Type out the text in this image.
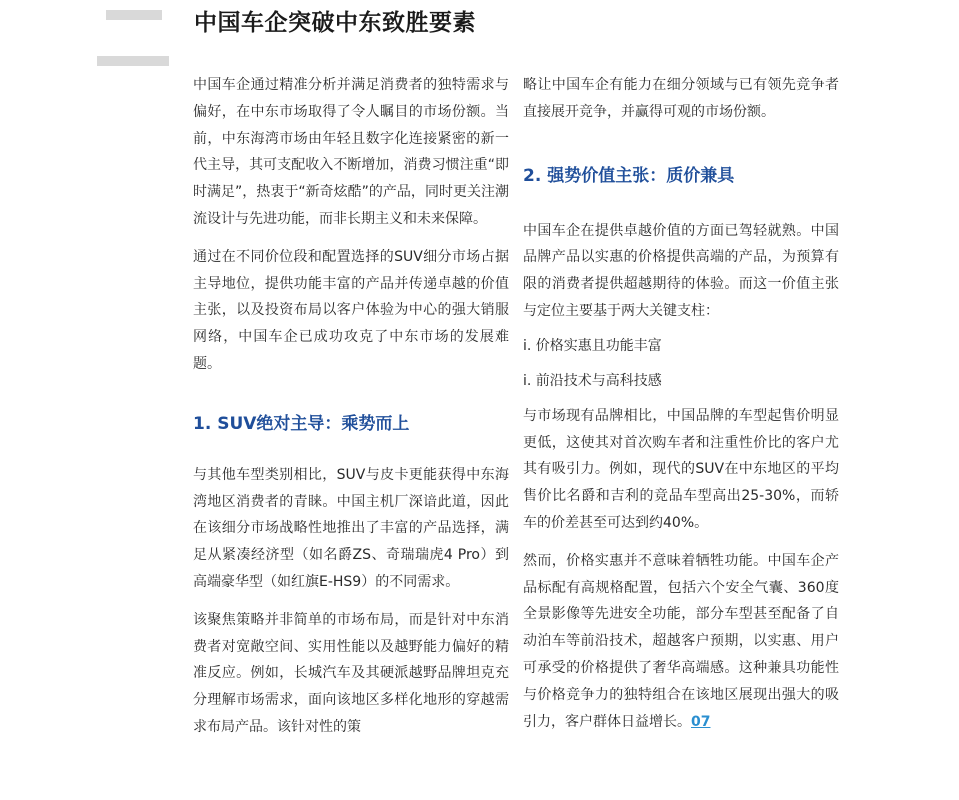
中国车企突破中东致胜要素

中国车企通过精准分析并满足消费者的独特需求与偏好，在中东市场取得了令人瞩目的市场份额。当前，中东海湾市场由年轻且数字化连接紧密的新一代主导，其可支配收入不断增加，消费习惯注重“即时满足”，热衷于“新奇炫酷”的产品，同时更关注潮流设计与先进功能，而非长期主义和未来保障。

通过在不同价位段和配置选择的SUV细分市场占据主导地位，提供功能丰富的产品并传递卓越的价值主张，以及投资布局以客户体验为中心的强大销服网络，中国车企已成功攻克了中东市场的发展难题。

1. SUV绝对主导：乘势而上

与其他车型类别相比，SUV与皮卡更能获得中东海湾地区消费者的青睐。中国主机厂深谙此道，因此在该细分市场战略性地推出了丰富的产品选择，满足从紧凑经济型（如名爵ZS、奇瑞瑞虎4 Pro）到高端豪华型（如红旗E-HS9）的不同需求。

该聚焦策略并非简单的市场布局，而是针对中东消费者对宽敞空间、实用性能以及越野能力偏好的精准反应。例如，长城汽车及其硬派越野品牌坦克充分理解市场需求，面向该地区多样化地形的穿越需求布局产品。该针对性的策

略让中国车企有能力在细分领域与已有领先竞争者直接展开竞争，并赢得可观的市场份额。

2. 强势价值主张：质价兼具

中国车企在提供卓越价值的方面已驾轻就熟。中国品牌产品以实惠的价格提供高端的产品，为预算有限的消费者提供超越期待的体验。而这一价值主张与定位主要基于两大关键支柱：

i. 价格实惠且功能丰富

i. 前沿技术与高科技感

与市场现有品牌相比，中国品牌的车型起售价明显更低，这使其对首次购车者和注重性价比的客户尤其有吸引力。例如，现代的SUV在中东地区的平均售价比名爵和吉利的竞品车型高出25-30%，而轿车的价差甚至可达到约40%。

然而，价格实惠并不意味着牺牲功能。中国车企产品标配有高规格配置，包括六个安全气囊、360度全景影像等先进安全功能，部分车型甚至配备了自动泊车等前沿技术，超越客户预期，以实惠、用户可承受的价格提供了奢华高端感。这种兼具功能性与价格竞争力的独特组合在该地区展现出强大的吸引力，客户群体日益增长。07
